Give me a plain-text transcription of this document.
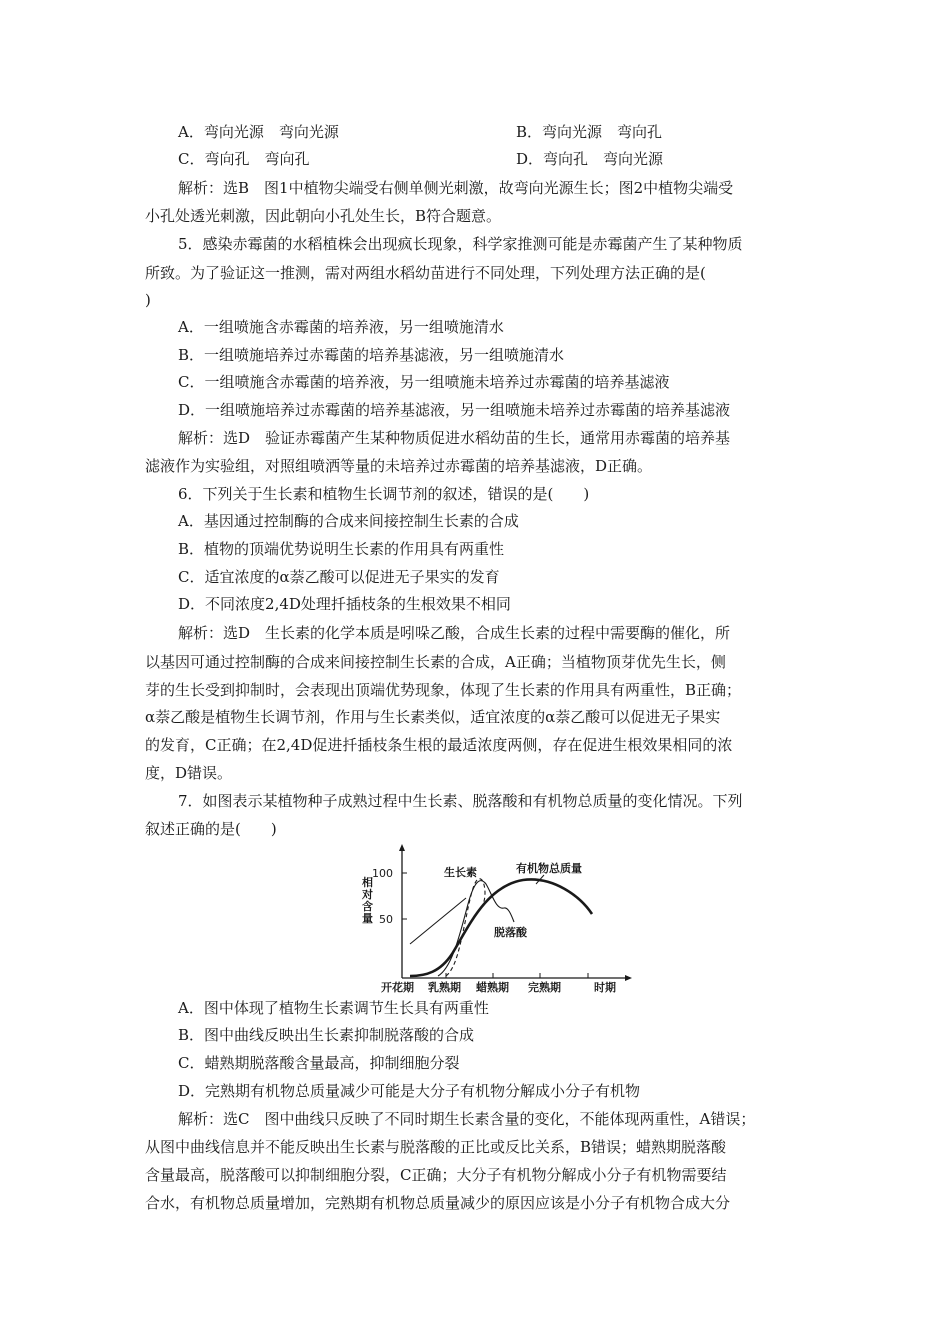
A．弯向光源　弯向光源	B．弯向光源　弯向孔
C．弯向孔　弯向孔	D．弯向孔　弯向光源
解析：选B　图1中植物尖端受右侧单侧光刺激，故弯向光源生长；图2中植物尖端受
小孔处透光刺激，因此朝向小孔处生长，B符合题意。
5．感染赤霉菌的水稻植株会出现疯长现象，科学家推测可能是赤霉菌产生了某种物质
所致。为了验证这一推测，需对两组水稻幼苗进行不同处理，下列处理方法正确的是(
)
A．一组喷施含赤霉菌的培养液，另一组喷施清水
B．一组喷施培养过赤霉菌的培养基滤液，另一组喷施清水
C．一组喷施含赤霉菌的培养液，另一组喷施未培养过赤霉菌的培养基滤液
D．一组喷施培养过赤霉菌的培养基滤液，另一组喷施未培养过赤霉菌的培养基滤液
解析：选D　验证赤霉菌产生某种物质促进水稻幼苗的生长，通常用赤霉菌的培养基
滤液作为实验组，对照组喷洒等量的未培养过赤霉菌的培养基滤液，D正确。
6．下列关于生长素和植物生长调节剂的叙述，错误的是(　　)
A．基因通过控制酶的合成来间接控制生长素的合成
B．植物的顶端优势说明生长素的作用具有两重性
C．适宜浓度的α萘乙酸可以促进无子果实的发育
D．不同浓度2,4D处理扦插枝条的生根效果不相同
解析：选D　生长素的化学本质是吲哚乙酸，合成生长素的过程中需要酶的催化，所
以基因可通过控制酶的合成来间接控制生长素的合成，A正确；当植物顶芽优先生长，侧
芽的生长受到抑制时，会表现出顶端优势现象，体现了生长素的作用具有两重性，B正确；
α萘乙酸是植物生长调节剂，作用与生长素类似，适宜浓度的α萘乙酸可以促进无子果实
的发育，C正确；在2,4D促进扦插枝条生根的最适浓度两侧，存在促进生根效果相同的浓
度，D错误。
7．如图表示某植物种子成熟过程中生长素、脱落酸和有机物总质量的变化情况。下列
叙述正确的是(　　)
相 对 含 量
100
50
开花期 乳熟期 蜡熟期 完熟期	时期
生长素	有机物总质量
脱落酸
A．图中体现了植物生长素调节生长具有两重性
B．图中曲线反映出生长素抑制脱落酸的合成
C．蜡熟期脱落酸含量最高，抑制细胞分裂
D．完熟期有机物总质量减少可能是大分子有机物分解成小分子有机物
解析：选C　图中曲线只反映了不同时期生长素含量的变化，不能体现两重性，A错误；
从图中曲线信息并不能反映出生长素与脱落酸的正比或反比关系，B错误；蜡熟期脱落酸
含量最高，脱落酸可以抑制细胞分裂，C正确；大分子有机物分解成小分子有机物需要结
合水，有机物总质量增加，完熟期有机物总质量减少的原因应该是小分子有机物合成大分
